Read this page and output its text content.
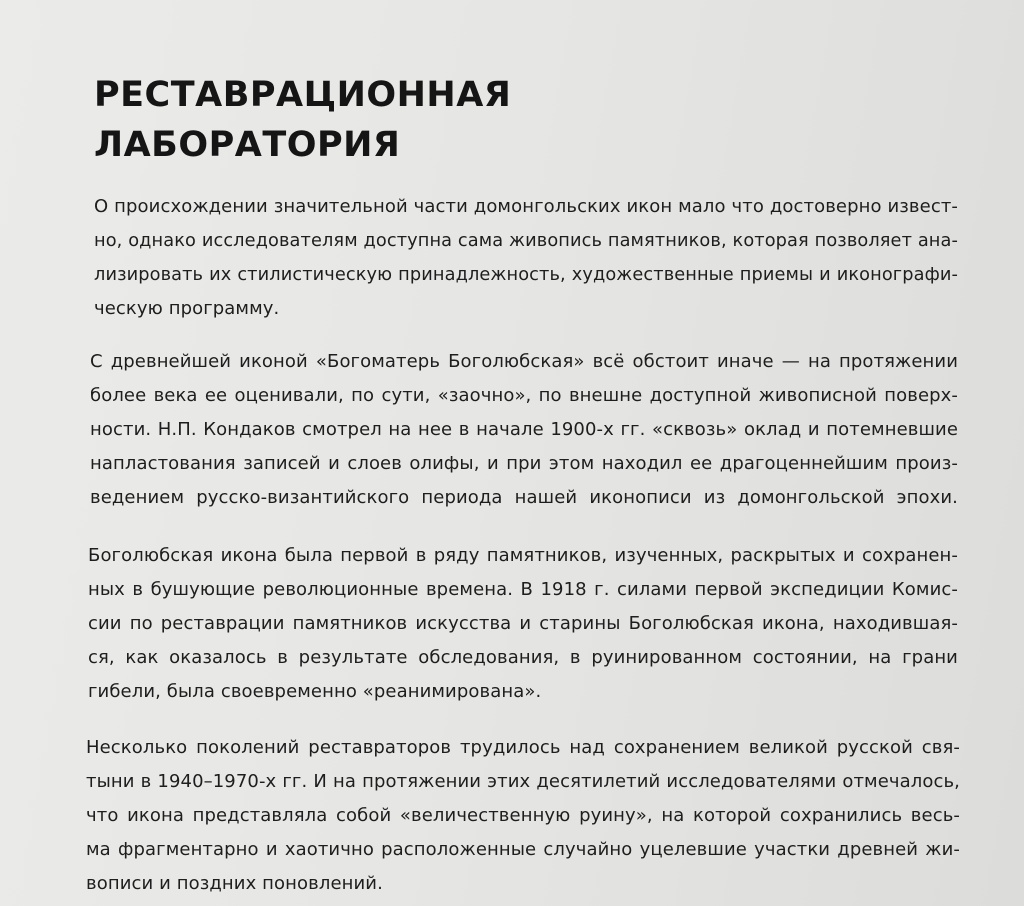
РЕСТАВРАЦИОННАЯ
ЛАБОРАТОРИЯ
О происхождении значительной части домонгольских икон мало что достоверно извест-
но, однако исследователям доступна сама живопись памятников, которая позволяет ана-
лизировать их стилистическую принадлежность, художественные приемы и иконографи-
ческую программу.
С древнейшей иконой «Богоматерь Боголюбская» всё обстоит иначе — на протяжении
более века ее оценивали, по сути, «заочно», по внешне доступной живописной поверх-
ности. Н.П. Кондаков смотрел на нее в начале 1900-х гг. «сквозь» оклад и потемневшие
напластования записей и слоев олифы, и при этом находил ее драгоценнейшим произ-
ведением русско-византийского периода нашей иконописи из домонгольской эпохи.
Боголюбская икона была первой в ряду памятников, изученных, раскрытых и сохранен-
ных в бушующие революционные времена. В 1918 г. силами первой экспедиции Комис-
сии по реставрации памятников искусства и старины Боголюбская икона, находившая-
ся, как оказалось в результате обследования, в руинированном состоянии, на грани
гибели, была своевременно «реанимирована».
Несколько поколений реставраторов трудилось над сохранением великой русской свя-
тыни в 1940–1970-х гг. И на протяжении этих десятилетий исследователями отмечалось,
что икона представляла собой «величественную руину», на которой сохранились весь-
ма фрагментарно и хаотично расположенные случайно уцелевшие участки древней жи-
вописи и поздних поновлений.
